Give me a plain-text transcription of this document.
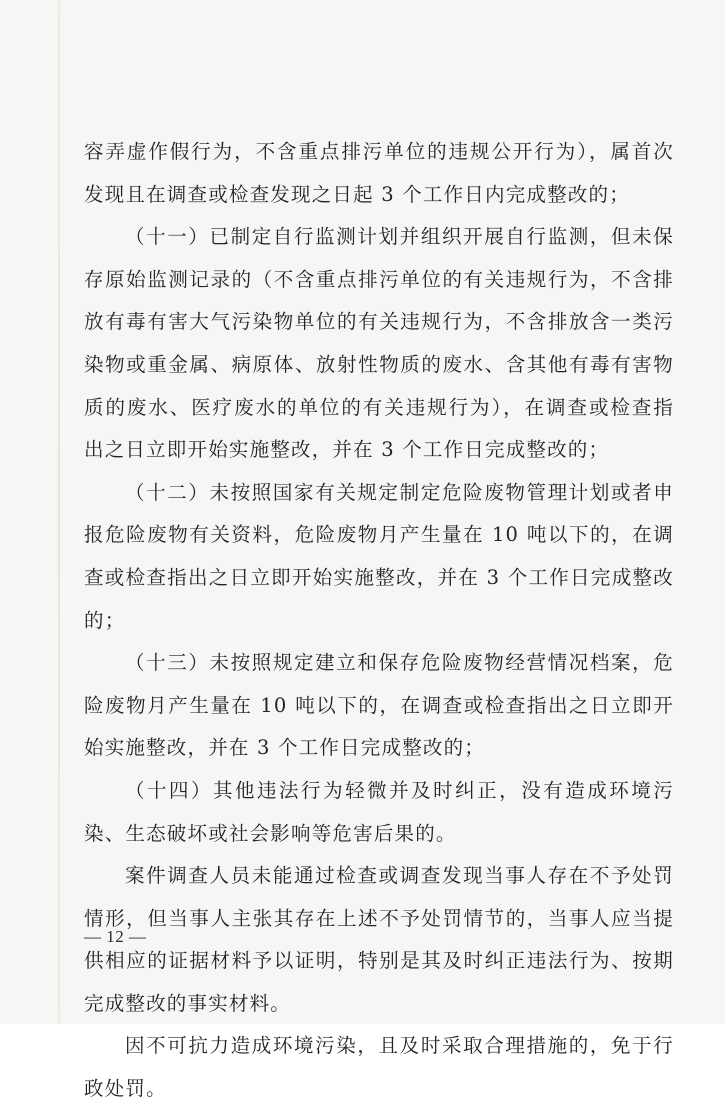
容弄虚作假行为，不含重点排污单位的违规公开行为），属首次发现且在调查或检查发现之日起 3 个工作日内完成整改的；

（十一）已制定自行监测计划并组织开展自行监测，但未保存原始监测记录的（不含重点排污单位的有关违规行为，不含排放有毒有害大气污染物单位的有关违规行为，不含排放含一类污染物或重金属、病原体、放射性物质的废水、含其他有毒有害物质的废水、医疗废水的单位的有关违规行为），在调查或检查指出之日立即开始实施整改，并在 3 个工作日完成整改的；

（十二）未按照国家有关规定制定危险废物管理计划或者申报危险废物有关资料，危险废物月产生量在 10 吨以下的，在调查或检查指出之日立即开始实施整改，并在 3 个工作日完成整改的；

（十三）未按照规定建立和保存危险废物经营情况档案，危险废物月产生量在 10 吨以下的，在调查或检查指出之日立即开始实施整改，并在 3 个工作日完成整改的；

（十四）其他违法行为轻微并及时纠正，没有造成环境污染、生态破坏或社会影响等危害后果的。

案件调查人员未能通过检查或调查发现当事人存在不予处罚情形，但当事人主张其存在上述不予处罚情节的，当事人应当提供相应的证据材料予以证明，特别是其及时纠正违法行为、按期完成整改的事实材料。

因不可抗力造成环境污染，且及时采取合理措施的，免于行政处罚。

— 12 —
